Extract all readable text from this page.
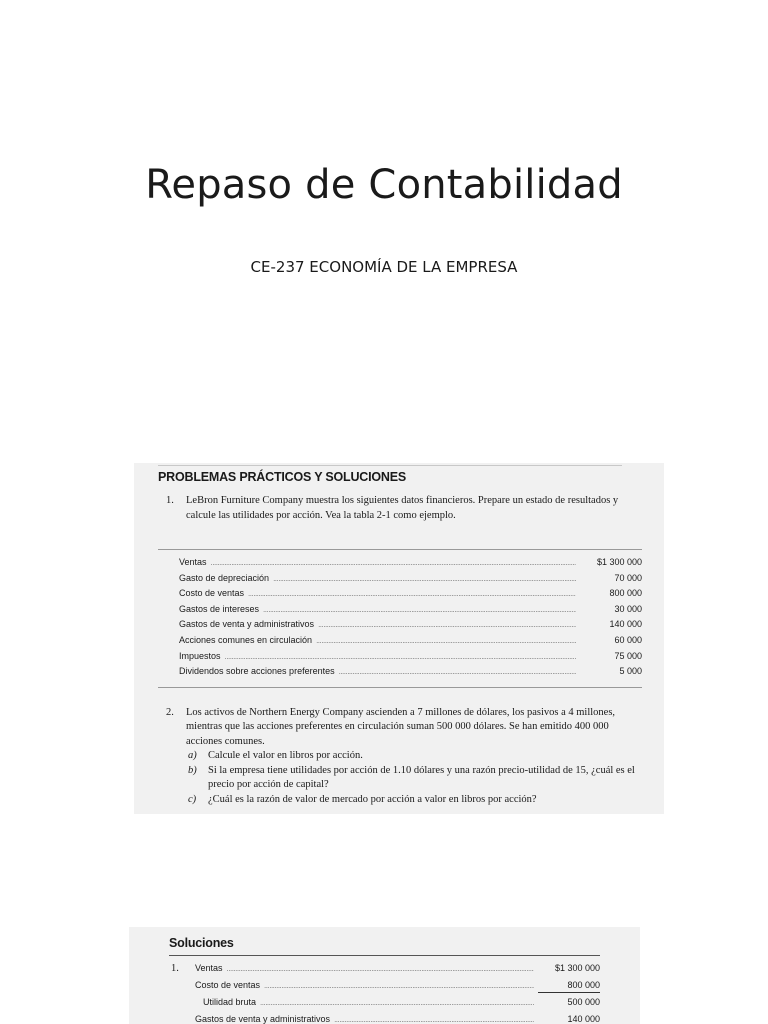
Repaso de Contabilidad
CE-237 ECONOMÍA DE LA EMPRESA
PROBLEMAS PRÁCTICOS Y SOLUCIONES
1.	LeBron Furniture Company muestra los siguientes datos financieros. Prepare un estado de resultados y calcule las utilidades por acción. Vea la tabla 2-1 como ejemplo.
Ventas .....	$1 300 000
Gasto de depreciación .....	70 000
Costo de ventas .....	800 000
Gastos de intereses .....	30 000
Gastos de venta y administrativos .....	140 000
Acciones comunes en circulación .....	60 000
Impuestos .....	75 000
Dividendos sobre acciones preferentes .....	5 000
2.	Los activos de Northern Energy Company ascienden a 7 millones de dólares, los pasivos a 4 millones, mientras que las acciones preferentes en circulación suman 500 000 dólares. Se han emitido 400 000 acciones comunes.
a)	Calcule el valor en libros por acción.
b)	Si la empresa tiene utilidades por acción de 1.10 dólares y una razón precio-utilidad de 15, ¿cuál es el precio por acción de capital?
c)	¿Cuál es la razón de valor de mercado por acción a valor en libros por acción?
Soluciones
1.	Ventas .....	$1 300 000
Costo de ventas .....	800 000
Utilidad bruta .....	500 000
Gastos de venta y administrativos .....	140 000
